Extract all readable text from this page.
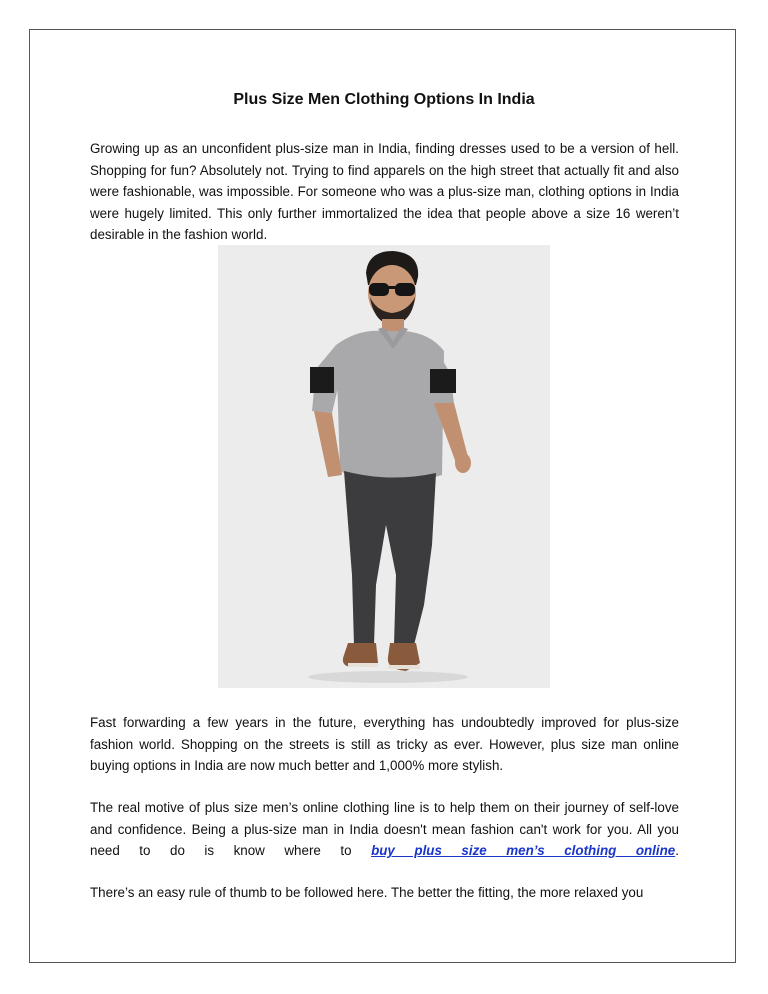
Plus Size Men Clothing Options In India

Growing up as an unconfident plus-size man in India, finding dresses used to be a version of hell. Shopping for fun? Absolutely not. Trying to find apparels on the high street that actually fit and also were fashionable, was impossible. For someone who was a plus-size man, clothing options in India were hugely limited. This only further immortalized the idea that people above a size 16 weren’t desirable in the fashion world.

Fast forwarding a few years in the future, everything has undoubtedly improved for plus-size fashion world. Shopping on the streets is still as tricky as ever. However, plus size man online buying options in India are now much better and 1,000% more stylish.

The real motive of plus size men’s online clothing line is to help them on their journey of self-love and confidence. Being a plus-size man in India doesn't mean fashion can't work for you. All you need to do is know where to buy plus size men’s clothing online.

There’s an easy rule of thumb to be followed here. The better the fitting, the more relaxed you
